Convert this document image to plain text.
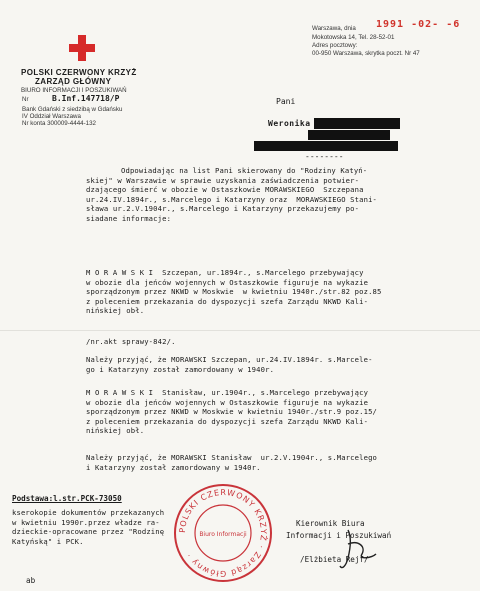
POLSKI CZERWONY KRZYŻ
ZARZĄD GŁÓWNY
BIURO INFORMACJI I POSZUKIWAŃ
Nr	B.Inf.147718/P
Bank Gdański z siedzibą w Gdańsku
IV Oddział Warszawa
Nr konta 300009-4444-132
Warszawa, dnia 1991 -02- -6
Mokotowska 14, Tel. 28-52-01
Adres pocztowy:
00-950 Warszawa, skrytka poczt. Nr 47
Pani
Weronika
--------
Odpowiadając na list Pani skierowany do "Rodziny Katyń-
skiej" w Warszawie w sprawie uzyskania zaświadczenia potwier-
dzającego śmierć w obozie w Ostaszkowie MORAWSKIEGO  Szczepana
ur.24.IV.1894r., s.Marcelego i Katarzyny oraz  MORAWSKIEGO Stani-
sława ur.2.V.1904r., s.Marcelego i Katarzyny przekazujemy po-
siadane informacje:
M O R A W S K I  Szczepan, ur.1894r., s.Marcelego przebywający
w obozie dla jeńców wojennych w Ostaszkowie figuruje na wykazie
sporządzonym przez NKWD w Moskwie  w kwietniu 1940r./str.82 poz.85
z poleceniem przekazania do dyspozycji szefa Zarządu NKWD Kali-
nińskiej obł.
/nr.akt sprawy-842/.
Należy przyjąć, że MORAWSKI Szczepan, ur.24.IV.1894r. s.Marcele-
go i Katarzyny został zamordowany w 1940r.
M O R A W S K I  Stanisław, ur.1904r., s.Marcelego przebywający
w obozie dla jeńców wojennych w Ostaszkowie figuruje na wykazie
sporządzonym przez NKWD w Moskwie w kwietniu 1940r./str.9 poz.15/
z poleceniem przekazania do dyspozycji szefa Zarządu NKWD Kali-
nińskiej obł.
Należy przyjąć, że MORAWSKI Stanisław  ur.2.V.1904r., s.Marcelego
i Katarzyny został zamordowany w 1940r.
Podstawa:l.str.PCK-73050
kserokopie dokumentów przekazanych
w kwietniu 1990r.przez władze ra-
dzieckie-opracowane przez "Rodzinę
Katyńską" i PCK.
POLSKI CZERWONY KRZYŻ · Zarząd Główny ·
Biuro Informacji
Kierownik Biura
Informacji i Poszukiwań
/Elżbieta Rejf/
ab
